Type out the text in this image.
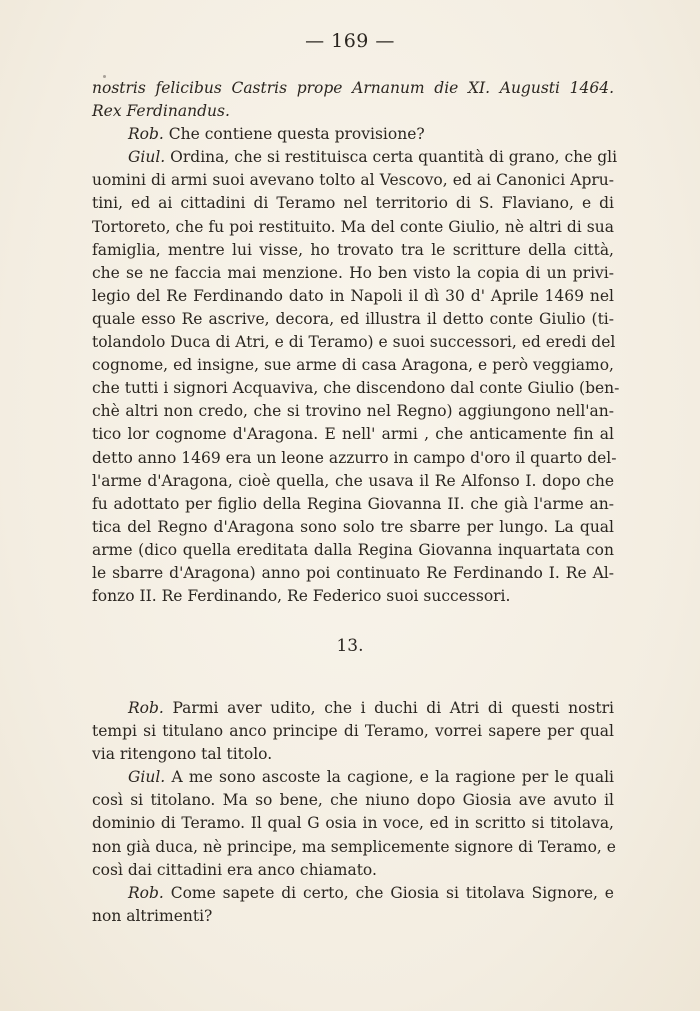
— 169 —
nostris felicibus Castris prope Arnanum die XI. Augusti 1464.
Rex Ferdinandus.
Rob. Che contiene questa provisione?
Giul. Ordina, che si restituisca certa quantità di grano, che gli
uomini di armi suoi avevano tolto al Vescovo, ed ai Canonici Apru-
tini, ed ai cittadini di Teramo nel territorio di S. Flaviano, e di
Tortoreto, che fu poi restituito. Ma del conte Giulio, nè altri di sua
famiglia, mentre lui visse, ho trovato tra le scritture della città,
che se ne faccia mai menzione. Ho ben visto la copia di un privi-
legio del Re Ferdinando dato in Napoli il dì 30 d' Aprile 1469 nel
quale esso Re ascrive, decora, ed illustra il detto conte Giulio (ti-
tolandolo Duca di Atri, e di Teramo) e suoi successori, ed eredi del
cognome, ed insigne, sue arme di casa Aragona, e però veggiamo,
che tutti i signori Acquaviva, che discendono dal conte Giulio (ben-
chè altri non credo, che si trovino nel Regno) aggiungono nell'an-
tico lor cognome d'Aragona. E nell' armi , che anticamente fin al
detto anno 1469 era un leone azzurro in campo d'oro il quarto del-
l'arme d'Aragona, cioè quella, che usava il Re Alfonso I. dopo che
fu adottato per figlio della Regina Giovanna II. che già l'arme an-
tica del Regno d'Aragona sono solo tre sbarre per lungo. La qual
arme (dico quella ereditata dalla Regina Giovanna inquartata con
le sbarre d'Aragona) anno poi continuato Re Ferdinando I. Re Al-
fonzo II. Re Ferdinando, Re Federico suoi successori.
13.
Rob. Parmi aver udito, che i duchi di Atri di questi nostri
tempi si titulano anco principe di Teramo, vorrei sapere per qual
via ritengono tal titolo.
Giul. A me sono ascoste la cagione, e la ragione per le quali
così si titolano. Ma so bene, che niuno dopo Giosia ave avuto il
dominio di Teramo. Il qual G osia in voce, ed in scritto si titolava,
non già duca, nè principe, ma semplicemente signore di Teramo, e
così dai cittadini era anco chiamato.
Rob. Come sapete di certo, che Giosia si titolava Signore, e
non altrimenti?
